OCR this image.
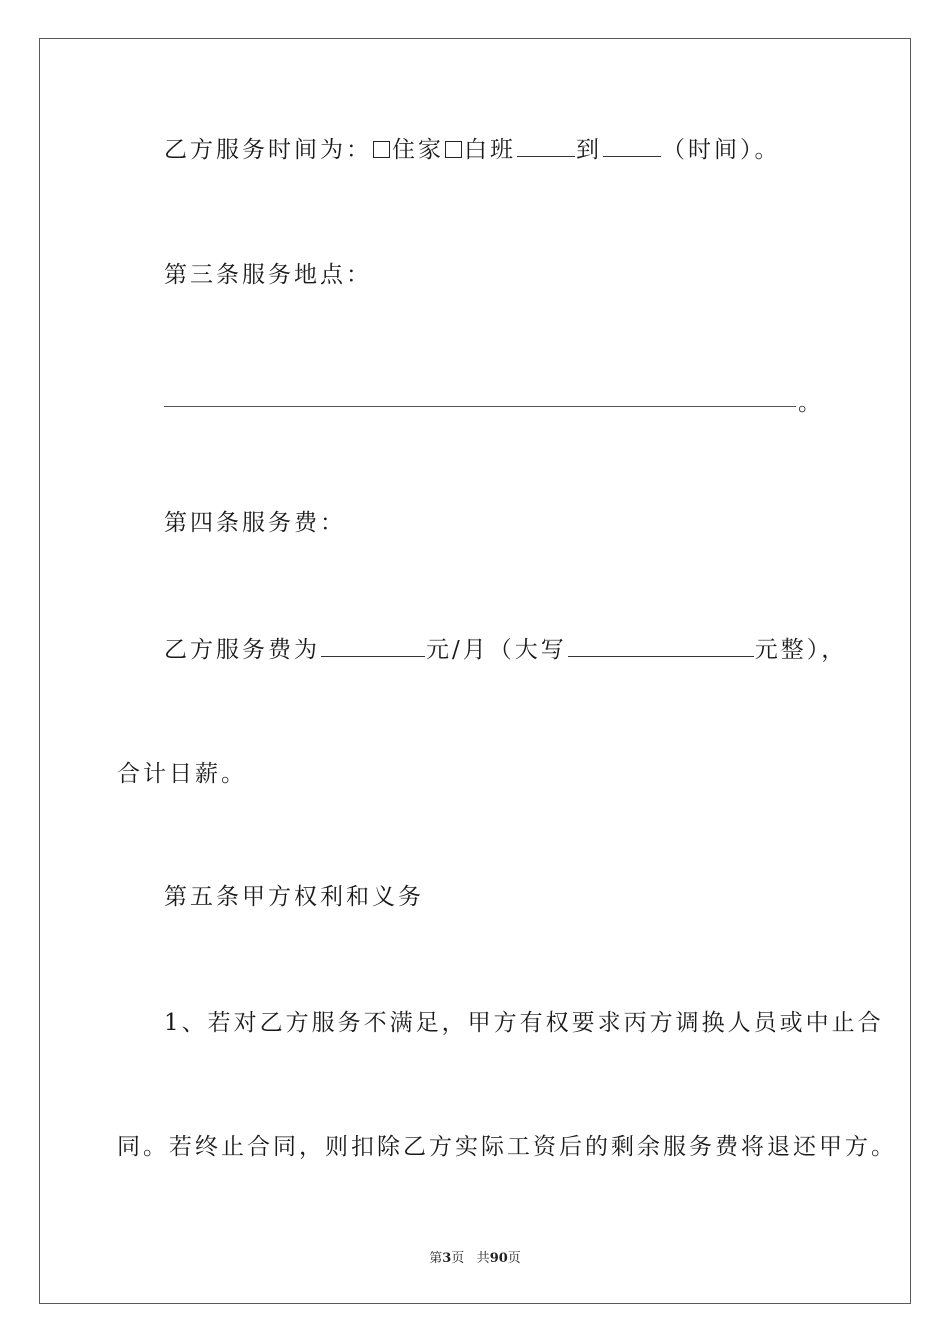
乙方服务时间为： 住家 白班	到	（时间）。
第三条服务地点：
。
第四条服务费：
乙方服务费为	元/月（大写	元整），
合计日薪。
第五条甲方权利和义务
1、若对乙方服务不满足，甲方有权要求丙方调换人员或中止合
同。若终止合同，则扣除乙方实际工资后的剩余服务费将退还甲方。
第3页 共90页
